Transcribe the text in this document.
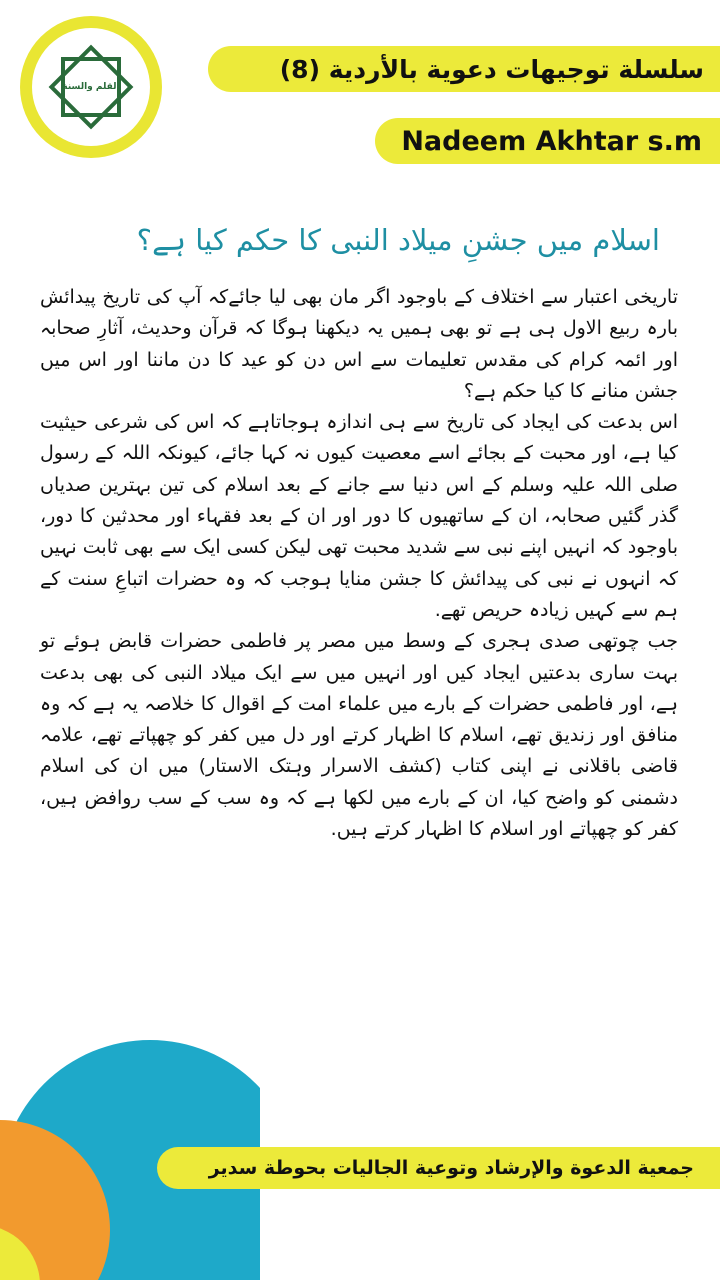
القلم والسنة
سلسلة توجيهات دعوية بالأردية (8)
Nadeem Akhtar s.m
اسلام میں جشنِ میلاد النبی کا حکم کیا ہے؟

تاریخی اعتبار سے اختلاف کے باوجود اگر مان بھی لیا جائےکہ آپ کی تاریخ پیدائش بارہ ربیع الاول ہی ہے تو بھی ہمیں یہ دیکھنا ہوگا کہ قرآن وحدیث، آثارِ صحابہ اور ائمہ کرام کی مقدس تعلیمات سے اس دن کو عید کا دن ماننا اور اس میں جشن منانے کا کیا حکم ہے؟

اس بدعت کی ایجاد کی تاریخ سے ہی اندازہ ہوجاتاہے کہ اس کی شرعی حیثیت کیا ہے، اور محبت کے بجائے اسے معصیت کیوں نہ کہا جائے، کیونکہ اللہ کے رسول صلی اللہ علیہ وسلم کے اس دنیا سے جانے کے بعد اسلام کی تین بہترین صدیاں گذر گئیں صحابہ، ان کے ساتھیوں کا دور اور ان کے بعد فقہاء اور محدثین کا دور، باوجود کہ انہیں اپنے نبی سے شدید محبت تھی لیکن کسی ایک سے بھی ثابت نہیں کہ انہوں نے نبی کی پیدائش کا جشن منایا ہوجب کہ وہ حضرات اتباعِ سنت کے ہم سے کہیں زیادہ حریص تھے.

جب چوتھی صدی ہجری کے وسط میں مصر پر فاطمی حضرات قابض ہوئے تو بہت ساری بدعتیں ایجاد کیں اور انہیں میں سے ایک میلاد النبی کی بھی بدعت ہے، اور فاطمی حضرات کے بارے میں علماء امت کے اقوال کا خلاصہ یہ ہے کہ وہ منافق اور زندیق تھے، اسلام کا اظہار کرتے اور دل میں کفر کو چھپاتے تھے، علامہ قاضی باقلانی نے اپنی کتاب (کشف الاسرار وہتک الاستار) میں ان کی اسلام دشمنی کو واضح کیا، ان کے بارے میں لکھا ہے کہ وہ سب کے سب روافض ہیں، کفر کو چھپاتے اور اسلام کا اظہار کرتے ہیں.

جمعية الدعوة والإرشاد وتوعية الجاليات بحوطة سدير
